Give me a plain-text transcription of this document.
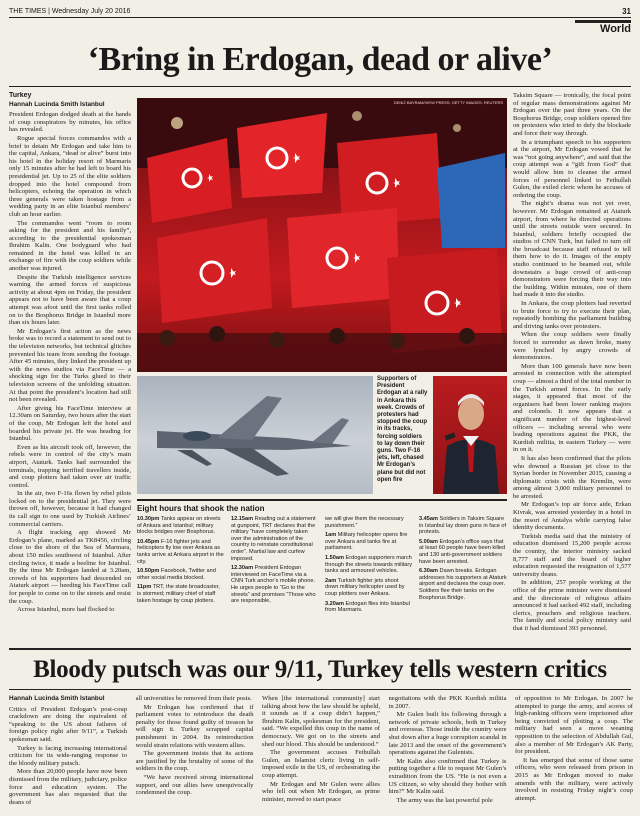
THE TIMES | Wednesday July 20 2016	31
World
‘Bring in Erdogan, dead or alive’
Turkey
Hannah Lucinda Smith Istanbul

President Erdogan dodged death at the hands of coup conspirators by minutes, his office has revealed.

Rogue special forces commandos with a brief to detain Mr Erdogan and take him to the capital, Ankara, “dead or alive” burst into his hotel in the holiday resort of Marmaris only 15 minutes after he had left to board his presidential jet. Up to 25 of the elite soldiers dropped into the hotel compound from helicopters, echoing the operation in which three generals were taken hostage from a wedding party in an elite Istanbul members’ club an hour earlier.

The commandos went “room to room asking for the president and his family”, according to the presidential spokesman Ibrahim Kalin. One bodyguard who had remained in the hotel was killed in an exchange of fire with the coup soldiers while another was injured.

Despite the Turkish intelligence services warning the armed forces of suspicious activity at about 4pm on Friday, the president appears not to have been aware that a coup attempt was afoot until the first tanks rolled on to the Bosphorus Bridge in Istanbul more than six hours later.

Mr Erdogan’s first action as the news broke was to record a statement to send out to the television networks, but technical glitches prevented his team from sending the footage. After 45 minutes, they linked the president up with the news studios via FaceTime — a shocking sign for the Turks glued to their television screens of the unfolding situation. At that point the president’s location had still not been revealed.

After giving his FaceTime interview at 12.30am on Saturday, two hours after the start of the coup, Mr Erdogan left the hotel and boarded his private jet. He was heading for Istanbul.

Even as his aircraft took off, however, the rebels were in control of the city’s main airport, Ataturk. Tanks had surrounded the terminals, trapping terrified travellers inside, and coup plotters had taken over air traffic control.

In the air, two F-16s flown by rebel pilots locked on to the presidential jet. They were thrown off, however, because it had changed its call sign to one used by Turkish Airlines’ commercial carriers.

A flight tracking app showed Mr Erdogan’s plane, marked as TK8456, circling close to the shore of the Sea of Marmara, about 150 miles southwest of Istanbul. After circling twice, it made a beeline for Istanbul. By the time Mr Erdogan landed at 3.20am, crowds of his supporters had descended on Ataturk airport — heeding his FaceTime call for people to come on to the streets and resist the coup.

Across Istanbul, more had flocked to

DENIZ BAYRAM/VIEW PRESS; GETTY IMAGES; REUTERS
Supporters of President Erdogan at a rally in Ankara this week. Crowds of protesters had stopped the coup in its tracks, forcing soldiers to lay down their guns. Two F-16 jets, left, chased Mr Erdogan’s plane but did not open fire

Taksim Square — ironically, the focal point of regular mass demonstrations against Mr Erdogan over the past three years. On the Bosphorus Bridge, coup soldiers opened fire on protesters who tried to defy the blockade and force their way through.

In a triumphant speech to his supporters at the airport, Mr Erdogan vowed that he was “not going anywhere”, and said that the coup attempt was a “gift from God” that would allow him to cleanse the armed forces of personnel linked to Fethullah Gulen, the exiled cleric whom he accuses of ordering the coup.

The night’s drama was not yet over, however. Mr Erdogan remained at Ataturk airport, from where he directed operations until the streets outside were secured. In Istanbul, soldiers briefly occupied the studios of CNN Turk, but failed to turn off the broadcast because staff refused to tell them how to do it. Images of the empty studio continued to be beamed out, while downstairs a huge crowd of anti-coup demonstrators were forcing their way into the building. Within minutes, one of them had made it into the studio.

In Ankara, the coup plotters had reverted to brute force to try to execute their plan, repeatedly bombing the parliament building and driving tanks over protesters.

When the coup soldiers were finally forced to surrender as dawn broke, many were lynched by angry crowds of demonstrators.

More than 100 generals have now been arrested in connection with the attempted coup — almost a third of the total number in the Turkish armed forces. In the early stages, it appeared that most of the organisers had been lower ranking majors and colonels. It now appears that a significant number of the highest-level officers — including several who were leading operations against the PKK, the Kurdish militia, in eastern Turkey — were in on it.

It has also been confirmed that the pilots who downed a Russian jet close to the Syrian border in November 2015, causing a diplomatic crisis with the Kremlin, were among almost 3,000 military personnel to be arrested.

Mr Erdogan’s top air force aide, Erkan Kivrak, was arrested yesterday in a hotel in the resort of Antalya while carrying false identity documents.

Turkish media said that the ministry of education dismissed 15,200 people across the country, the interior ministry sacked 8,777 staff and the board of higher education requested the resignation of 1,577 university deans.

In addition, 257 people working at the office of the prime minister were dismissed and the directorate of religious affairs announced it had sacked 492 staff, including clerics, preachers and religious teachers. The family and social policy ministry said that it had dismissed 393 personnel.

Eight hours that shook the nation
10.30pm Tanks appear on streets of Ankara and Istanbul; military blocks bridges over Bosphorus.
10.45pm F-16 fighter jets and helicopters fly low over Ankara as tanks arrive at Ankara airport in the city.
10.50pm Facebook, Twitter and other social media blocked.
11pm TRT, the state broadcaster, is stormed; military chief of staff taken hostage by coup plotters.
12.15am Reading out a statement at gunpoint, TRT declares that the military “have completely taken over the administration of the country to reinstate constitutional order”. Martial law and curfew imposed.
12.30am President Erdogan interviewed on FaceTime via a CNN Turk anchor’s mobile phone. He urges people to “Go to the streets” and promises “Those who are responsible,
we will give them the necessary punishment.”
1am Military helicopter opens fire over Ankara and tanks fire at parliament.
1.50am Erdogan supporters march through the streets towards military tanks and armoured vehicles.
2am Turkish fighter jets shoot down military helicopter used by coup plotters over Ankara.
3.20am Erdogan flies into Istanbul from Marmaris.
3.45am Soldiers in Taksim Square in Istanbul lay down guns in face of protests.
5.00am Erdogan’s office says that at least 60 people have been killed and 130 anti-government soldiers have been arrested.
6.30am Dawn breaks. Erdogan addresses his supporters at Ataturk airport and declares the coup over. Soldiers flee their tanks on the Bosphorus Bridge.
Bloody putsch was our 9/11, Turkey tells western critics
Hannah Lucinda Smith Istanbul

Critics of President Erdogan’s post-coup crackdown are doing the equivalent of “speaking to the US about failures of foreign policy right after 9/11”, a Turkish spokesman said.

Turkey is facing increasing international criticism for its wide-ranging response to the bloody military putsch.

More than 20,000 people have now been dismissed from the military, judiciary, police force and education system. The government has also requested that the deans of

all universities be removed from their posts.

Mr Erdogan has confirmed that if parliament votes to reintroduce the death penalty for those found guilty of treason he will sign it. Turkey scrapped capital punishment in 2004. Its reintroduction would strain relations with western allies.

The government insists that its actions are justified by the brutality of some of the soldiers in the coup.

“We have received strong international support, and our allies have unequivocally condemned the coup.

When [the international community] start talking about how the law should be upheld, it sounds as if a coup didn’t happen,” Ibrahim Kalin, spokesman for the president, said. “We expelled this coup in the name of democracy. We got on to the streets and shed our blood. This should be understood.”

The government accuses Fethullah Gulen, an Islamist cleric living in self-imposed exile in the US, of orchestrating the coup attempt.

Mr Erdogan and Mr Gulen were allies who fell out when Mr Erdogan, as prime minister, moved to start peace

negotiations with the PKK Kurdish militia in 2007.

Mr Gulen built his following through a network of private schools, both in Turkey and overseas. Those inside the country were shut down after a huge corruption scandal in late 2013 and the onset of the government’s operations against the Gulenists.

Mr Kalin also confirmed that Turkey is putting together a file to request Mr Gulen’s extradition from the US. “He is not even a US citizen, so why should they bother with him?” Mr Kalin said.

The army was the last powerful pole

of opposition to Mr Erdogan. In 2007 he attempted to purge the army, and scores of high-ranking officers were imprisoned after being convicted of plotting a coup. The military had seen a move weaning opposition to the selection of Abdullah Gul, also a member of Mr Erdogan’s AK Party, for president.

It has emerged that some of those same officers, who were released from prison in 2015 as Mr Erdogan moved to make amends with the military, were actively involved in resisting Friday night’s coup attempt.
